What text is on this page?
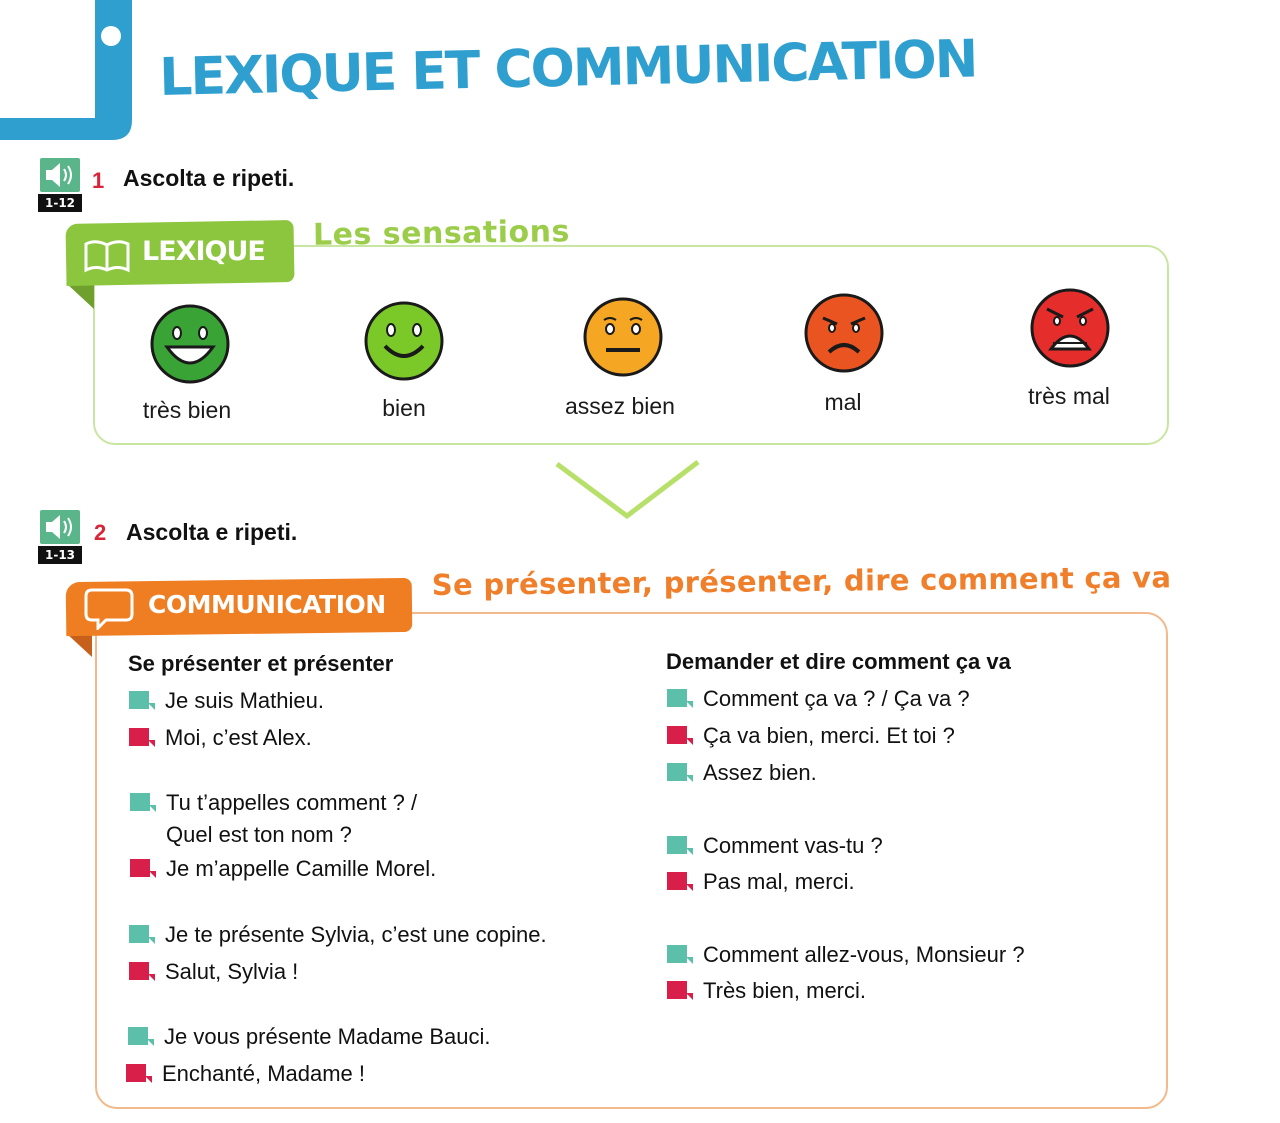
LEXIQUE ET COMMUNICATION
1-12
1 Ascolta e ripeti.
LEXIQUE Les sensations
très bien	bien	assez bien	mal	très mal
1-13
2 Ascolta e ripeti.
COMMUNICATION
Se présenter, présenter, dire comment ça va
Se présenter et présenter
Je suis Mathieu.
Moi, c’est Alex.
Tu t’appelles comment ? /
Quel est ton nom ?
Je m’appelle Camille Morel.
Je te présente Sylvia, c’est une copine.
Salut, Sylvia !
Je vous présente Madame Bauci.
Enchanté, Madame !
Demander et dire comment ça va
Comment ça va ? / Ça va ?
Ça va bien, merci. Et toi ?
Assez bien.
Comment vas-tu ?
Pas mal, merci.
Comment allez-vous, Monsieur ?
Très bien, merci.
